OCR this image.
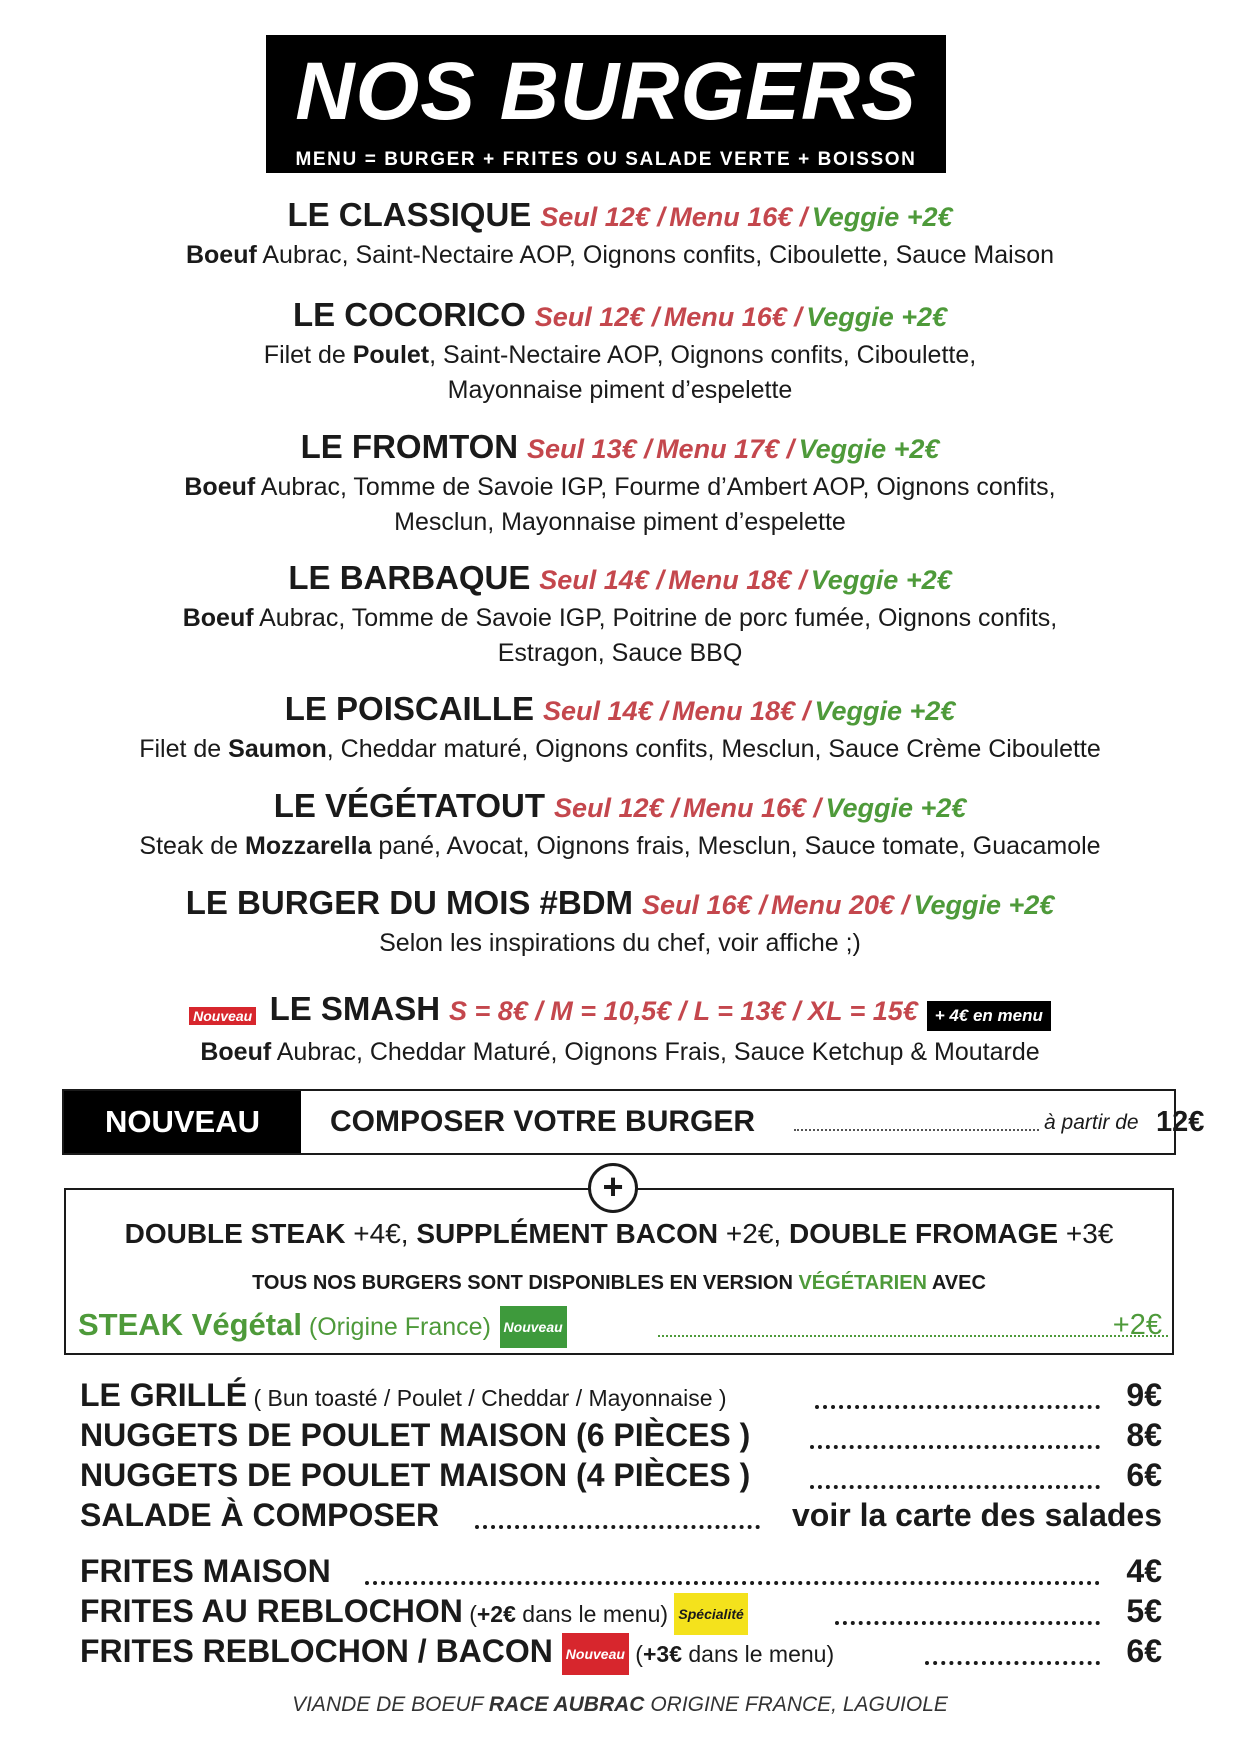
NOS BURGERS
MENU = BURGER + FRITES OU SALADE VERTE + BOISSON
LE CLASSIQUE Seul 12€ / Menu 16€ / Veggie +2€
Boeuf Aubrac, Saint-Nectaire AOP, Oignons confits, Ciboulette, Sauce Maison
LE COCORICO Seul 12€ / Menu 16€ / Veggie +2€
Filet de Poulet, Saint-Nectaire AOP, Oignons confits, Ciboulette,
Mayonnaise piment d’espelette
LE FROMTON Seul 13€ / Menu 17€ / Veggie +2€
Boeuf Aubrac, Tomme de Savoie IGP, Fourme d’Ambert AOP, Oignons confits,
Mesclun, Mayonnaise piment d’espelette
LE BARBAQUE Seul 14€ / Menu 18€ / Veggie +2€
Boeuf Aubrac, Tomme de Savoie IGP, Poitrine de porc fumée, Oignons confits,
Estragon, Sauce BBQ
LE POISCAILLE Seul 14€ / Menu 18€ / Veggie +2€
Filet de Saumon, Cheddar maturé, Oignons confits, Mesclun, Sauce Crème Ciboulette
LE VÉGÉTATOUT Seul 12€ / Menu 16€ / Veggie +2€
Steak de Mozzarella pané, Avocat, Oignons frais, Mesclun, Sauce tomate, Guacamole
LE BURGER DU MOIS #BDM Seul 16€ / Menu 20€ / Veggie +2€
Selon les inspirations du chef, voir affiche ;)
Nouveau LE SMASH S = 8€ / M = 10,5€ / L = 13€ / XL = 15€ + 4€ en menu
Boeuf Aubrac, Cheddar Maturé, Oignons Frais, Sauce Ketchup & Moutarde
NOUVEAU	COMPOSER VOTRE BURGER	à partir de 12€
DOUBLE STEAK +4€, SUPPLÉMENT BACON +2€, DOUBLE FROMAGE +3€
TOUS NOS BURGERS SONT DISPONIBLES EN VERSION VÉGÉTARIEN AVEC
STEAK Végétal (Origine France) Nouveau	+2€
+
LE GRILLÉ ( Bun toasté / Poulet / Cheddar / Mayonnaise )	9€
NUGGETS DE POULET MAISON (6 PIÈCES )	8€
NUGGETS DE POULET MAISON (4 PIÈCES )	6€
SALADE À COMPOSER	voir la carte des salades
FRITES MAISON	4€
FRITES AU REBLOCHON (+2€ dans le menu) Spécialité	5€
FRITES REBLOCHON / BACON Nouveau (+3€ dans le menu)	6€
VIANDE DE BOEUF RACE AUBRAC ORIGINE FRANCE, LAGUIOLE
